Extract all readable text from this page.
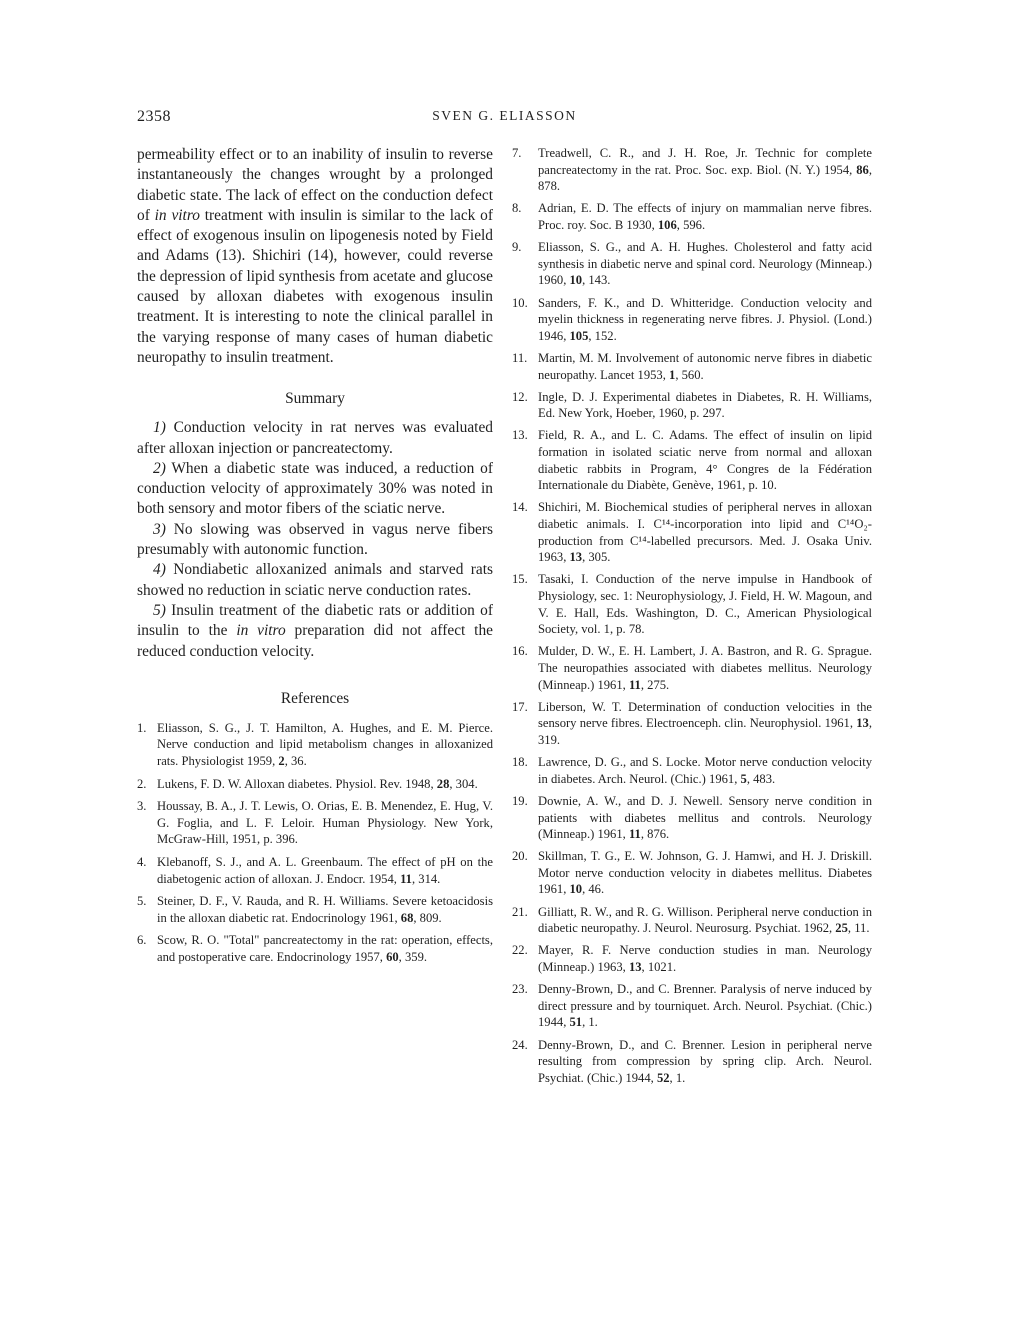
2358	SVEN G. ELIASSON

permeability effect or to an inability of insulin to reverse instantaneously the changes wrought by a prolonged diabetic state. The lack of effect on the conduction defect of in vitro treatment with insulin is similar to the lack of effect of exogenous insulin on lipogenesis noted by Field and Adams (13). Shichiri (14), however, could reverse the depression of lipid synthesis from acetate and glucose caused by alloxan diabetes with exogenous insulin treatment. It is interesting to note the clinical parallel in the varying response of many cases of human diabetic neuropathy to insulin treatment.

Summary

1) Conduction velocity in rat nerves was evaluated after alloxan injection or pancreatectomy.

2) When a diabetic state was induced, a reduction of conduction velocity of approximately 30% was noted in both sensory and motor fibers of the sciatic nerve.

3) No slowing was observed in vagus nerve fibers presumably with autonomic function.

4) Nondiabetic alloxanized animals and starved rats showed no reduction in sciatic nerve conduction rates.

5) Insulin treatment of the diabetic rats or addition of insulin to the in vitro preparation did not affect the reduced conduction velocity.

References
1. Eliasson, S. G., J. T. Hamilton, A. Hughes, and E. M. Pierce. Nerve conduction and lipid metabolism changes in alloxanized rats. Physiologist 1959, 2, 36.
2. Lukens, F. D. W. Alloxan diabetes. Physiol. Rev. 1948, 28, 304.
3. Houssay, B. A., J. T. Lewis, O. Orias, E. B. Menendez, E. Hug, V. G. Foglia, and L. F. Leloir. Human Physiology. New York, McGraw-Hill, 1951, p. 396.
4. Klebanoff, S. J., and A. L. Greenbaum. The effect of pH on the diabetogenic action of alloxan. J. Endocr. 1954, 11, 314.
5. Steiner, D. F., V. Rauda, and R. H. Williams. Severe ketoacidosis in the alloxan diabetic rat. Endocrinology 1961, 68, 809.
6. Scow, R. O. "Total" pancreatectomy in the rat: operation, effects, and postoperative care. Endocrinology 1957, 60, 359.
7.	Treadwell, C. R., and J. H. Roe, Jr. Technic for complete pancreatectomy in the rat. Proc. Soc. exp. Biol. (N. Y.) 1954, 86, 878.
8.	Adrian, E. D. The effects of injury on mammalian nerve fibres. Proc. roy. Soc. B 1930, 106, 596.
9.	Eliasson, S. G., and A. H. Hughes. Cholesterol and fatty acid synthesis in diabetic nerve and spinal cord. Neurology (Minneap.) 1960, 10, 143.
10. Sanders, F. K., and D. Whitteridge. Conduction velocity and myelin thickness in regenerating nerve fibres. J. Physiol. (Lond.) 1946, 105, 152.
11. Martin, M. M. Involvement of autonomic nerve fibres in diabetic neuropathy. Lancet 1953, 1, 560.
12. Ingle, D. J. Experimental diabetes in Diabetes, R. H. Williams, Ed. New York, Hoeber, 1960, p. 297.
13. Field, R. A., and L. C. Adams. The effect of insulin on lipid formation in isolated sciatic nerve from normal and alloxan diabetic rabbits in Program, 4° Congres de la Fédération Internationale du Diabète, Genève, 1961, p. 10.
14. Shichiri, M. Biochemical studies of peripheral nerves in alloxan diabetic animals. I. C¹⁴-incorporation into lipid and C¹⁴O₂-production from C¹⁴-labelled precursors. Med. J. Osaka Univ. 1963, 13, 305.
15. Tasaki, I. Conduction of the nerve impulse in Handbook of Physiology, sec. 1: Neurophysiology, J. Field, H. W. Magoun, and V. E. Hall, Eds. Washington, D. C., American Physiological Society, vol. 1, p. 78.
16. Mulder, D. W., E. H. Lambert, J. A. Bastron, and R. G. Sprague. The neuropathies associated with diabetes mellitus. Neurology (Minneap.) 1961, 11, 275.
17. Liberson, W. T. Determination of conduction velocities in the sensory nerve fibres. Electroenceph. clin. Neurophysiol. 1961, 13, 319.
18. Lawrence, D. G., and S. Locke. Motor nerve conduction velocity in diabetes. Arch. Neurol. (Chic.) 1961, 5, 483.
19. Downie, A. W., and D. J. Newell. Sensory nerve condition in patients with diabetes mellitus and controls. Neurology (Minneap.) 1961, 11, 876.
20. Skillman, T. G., E. W. Johnson, G. J. Hamwi, and H. J. Driskill. Motor nerve conduction velocity in diabetes mellitus. Diabetes 1961, 10, 46.
21. Gilliatt, R. W., and R. G. Willison. Peripheral nerve conduction in diabetic neuropathy. J. Neurol. Neurosurg. Psychiat. 1962, 25, 11.
22. Mayer, R. F. Nerve conduction studies in man. Neurology (Minneap.) 1963, 13, 1021.
23. Denny-Brown, D., and C. Brenner. Paralysis of nerve induced by direct pressure and by tourniquet. Arch. Neurol. Psychiat. (Chic.) 1944, 51, 1.
24. Denny-Brown, D., and C. Brenner. Lesion in peripheral nerve resulting from compression by spring clip. Arch. Neurol. Psychiat. (Chic.) 1944, 52, 1.
